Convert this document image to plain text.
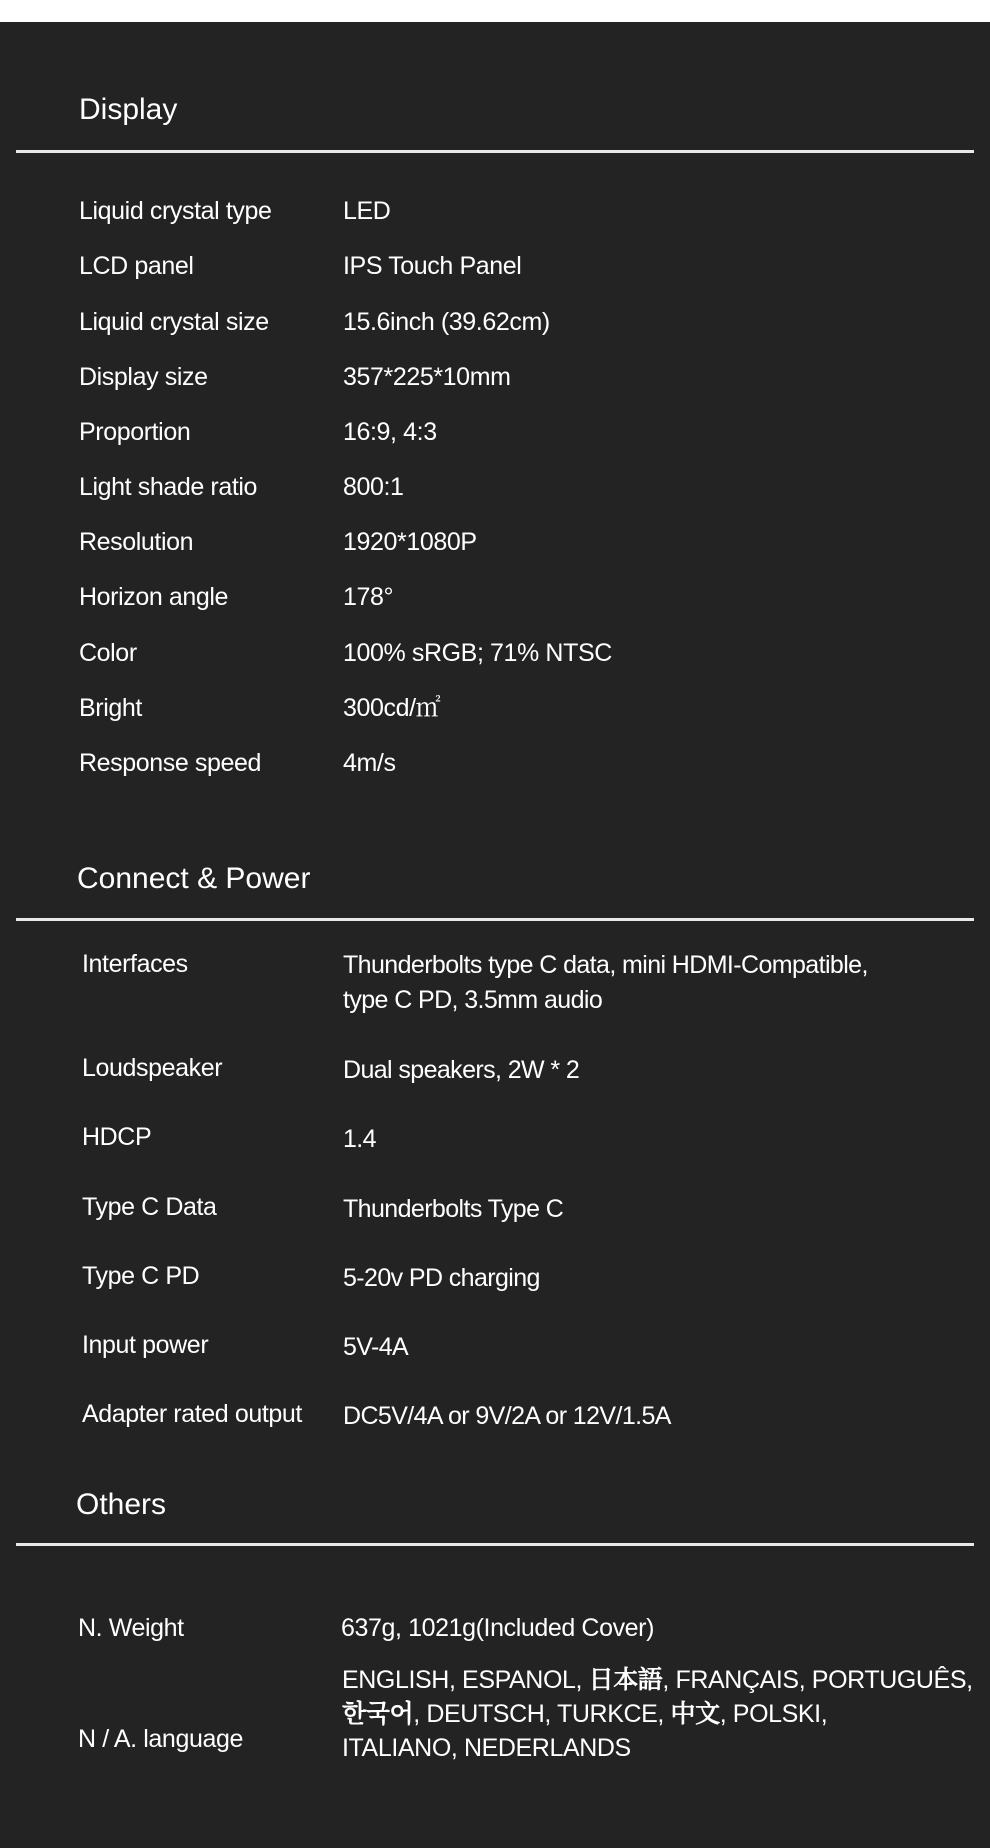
Display
Liquid crystal type	LED
LCD panel	IPS Touch Panel
Liquid crystal size	15.6inch (39.62cm)
Display size	357*225*10mm
Proportion	16:9, 4:3
Light shade ratio	800:1
Resolution	1920*1080P
Horizon angle	178°
Color	100% sRGB; 71% NTSC
Bright	300cd/㎡
Response speed	4m/s
Connect & Power
Interfaces	Thunderbolts type C data, mini HDMI-Compatible,
type C PD, 3.5mm audio
Loudspeaker	Dual speakers, 2W * 2
HDCP	1.4
Type C Data	Thunderbolts Type C
Type C PD	5-20v PD charging
Input power	5V-4A
Adapter rated output DC5V/4A or 9V/2A or 12V/1.5A
Others
N. Weight	637g, 1021g(Included Cover)
N / A. language
ENGLISH, ESPANOL, 日本語, FRANÇAIS, PORTUGUÊS,
한국어, DEUTSCH, TURKCE, 中文, POLSKI,
ITALIANO, NEDERLANDS
